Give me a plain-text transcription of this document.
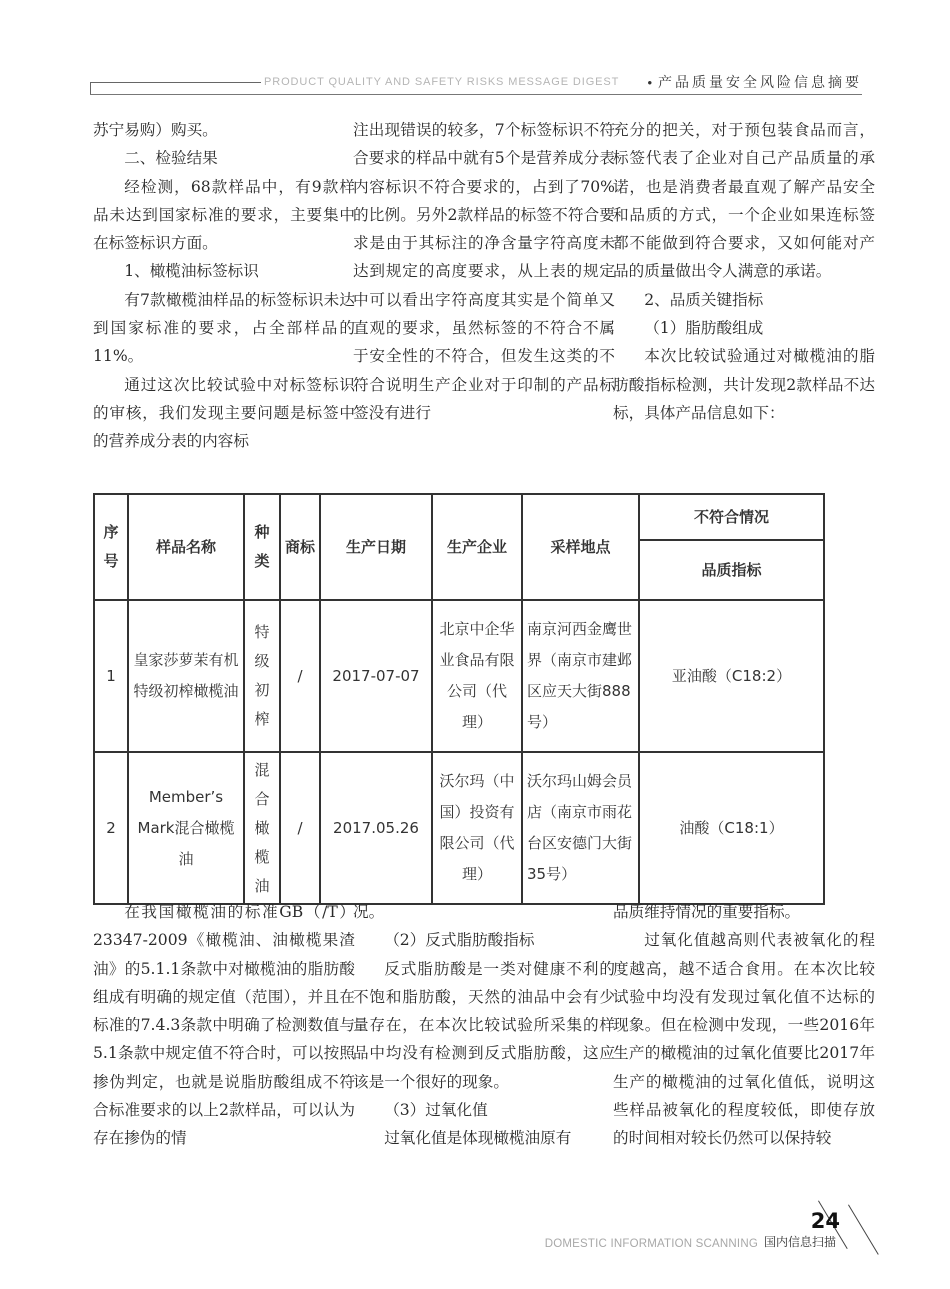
PRODUCT QUALITY AND SAFETY RISKS MESSAGE DIGEST • 产品质量安全风险信息摘要

苏宁易购）购买。

二、检验结果

经检测，68款样品中，有9款样品未达到国家标准的要求，主要集中在标签标识方面。

1、橄榄油标签标识

有7款橄榄油样品的标签标识未达到国家标准的要求，占全部样品的11%。

通过这次比较试验中对标签标识的审核，我们发现主要问题是标签中的营养成分表的内容标

注出现错误的较多，7个标签标识不符合要求的样品中就有5个是营养成分表内容标识不符合要求的，占到了70%的比例。另外2款样品的标签不符合要求是由于其标注的净含量字符高度未达到规定的高度要求，从上表的规定中可以看出字符高度其实是个简单又直观的要求，虽然标签的不符合不属于安全性的不符合，但发生这类的不符合说明生产企业对于印制的产品标签没有进行

充分的把关，对于预包装食品而言，标签代表了企业对自己产品质量的承诺，也是消费者最直观了解产品安全和品质的方式，一个企业如果连标签都不能做到符合要求，又如何能对产品的质量做出令人满意的承诺。

2、品质关键指标

（1）脂肪酸组成

本次比较试验通过对橄榄油的脂肪酸指标检测，共计发现2款样品不达标，具体产品信息如下：

序号	样品名称	种类	商标	生产日期	生产企业	采样地点	不符合情况
							品质指标
1	皇家莎萝茉有机特级初榨橄榄油	特级初榨	/	2017-07-07	北京中企华业食品有限公司（代理）	南京河西金鹰世界（南京市建邺区应天大街888号）	亚油酸（C18:2）
2	Member’s Mark混合橄榄油	混合橄榄油	/	2017.05.26	沃尔玛（中国）投资有限公司（代理）	沃尔玛山姆会员店（南京市雨花台区安德门大街35号）	油酸（C18:1）

在我国橄榄油的标准GB（/T）23347-2009《橄榄油、油橄榄果渣油》的5.1.1条款中对橄榄油的脂肪酸组成有明确的规定值（范围），并且在标准的7.4.3条款中明确了检测数值与5.1条款中规定值不符合时，可以按照掺伪判定，也就是说脂肪酸组成不符合标准要求的以上2款样品，可以认为存在掺伪的情

况。

（2）反式脂肪酸指标

反式脂肪酸是一类对健康不利的不饱和脂肪酸，天然的油品中会有少量存在，在本次比较试验所采集的样品中均没有检测到反式脂肪酸，这应该是一个很好的现象。

（3）过氧化值

过氧化值是体现橄榄油原有

品质维持情况的重要指标。

过氧化值越高则代表被氧化的程度越高，越不适合食用。在本次比较试验中均没有发现过氧化值不达标的现象。但在检测中发现，一些2016年生产的橄榄油的过氧化值要比2017年生产的橄榄油的过氧化值低，说明这些样品被氧化的程度较低，即使存放的时间相对较长仍然可以保持较

DOMESTIC INFORMATION SCANNING 国内信息扫描
24
